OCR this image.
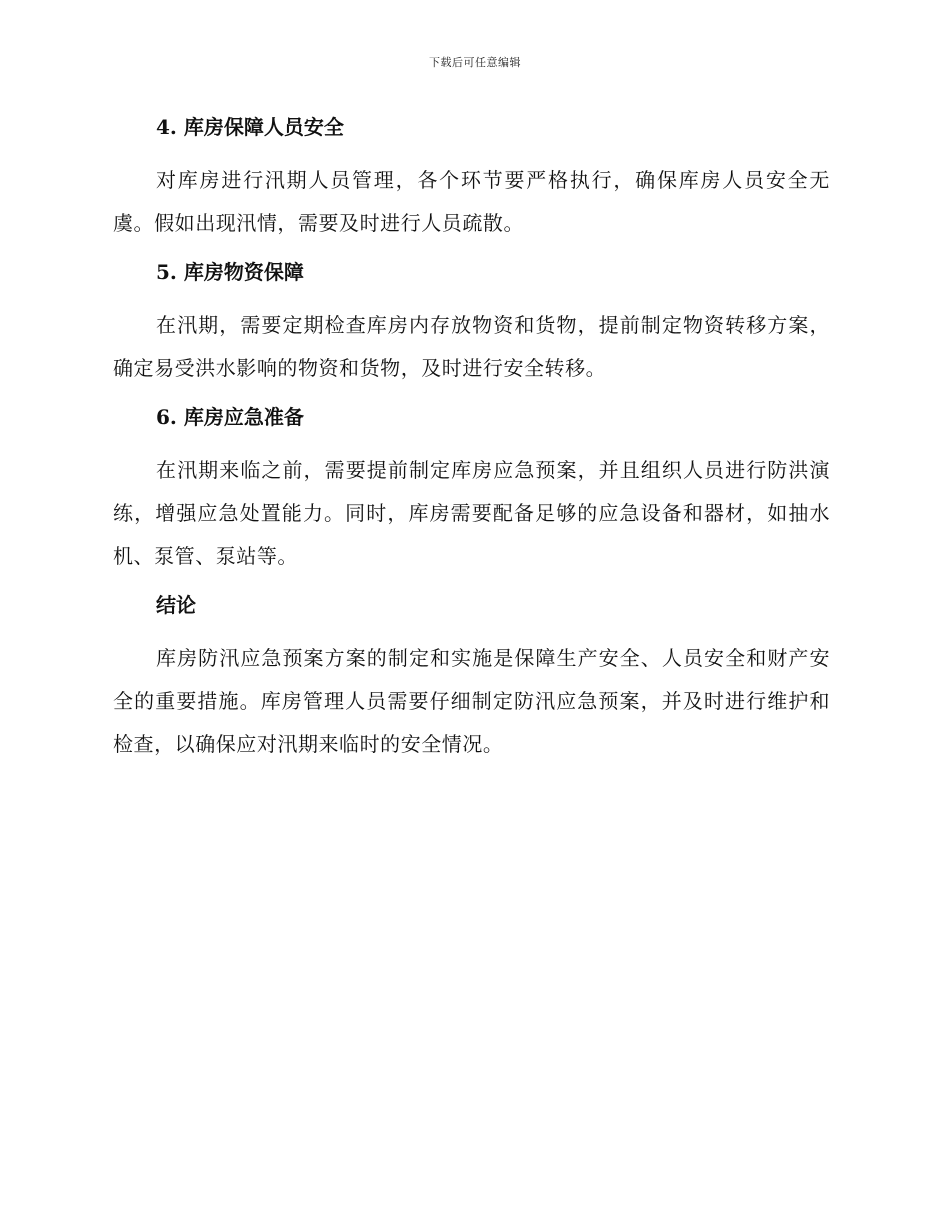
下载后可任意编辑
4. 库房保障人员安全

对库房进行汛期人员管理，各个环节要严格执行，确保库房人员安全无虞。假如出现汛情，需要及时进行人员疏散。

5. 库房物资保障

在汛期，需要定期检查库房内存放物资和货物，提前制定物资转移方案，确定易受洪水影响的物资和货物，及时进行安全转移。

6. 库房应急准备

在汛期来临之前，需要提前制定库房应急预案，并且组织人员进行防洪演练，增强应急处置能力。同时，库房需要配备足够的应急设备和器材，如抽水机、泵管、泵站等。

结论

库房防汛应急预案方案的制定和实施是保障生产安全、人员安全和财产安全的重要措施。库房管理人员需要仔细制定防汛应急预案，并及时进行维护和检查，以确保应对汛期来临时的安全情况。
